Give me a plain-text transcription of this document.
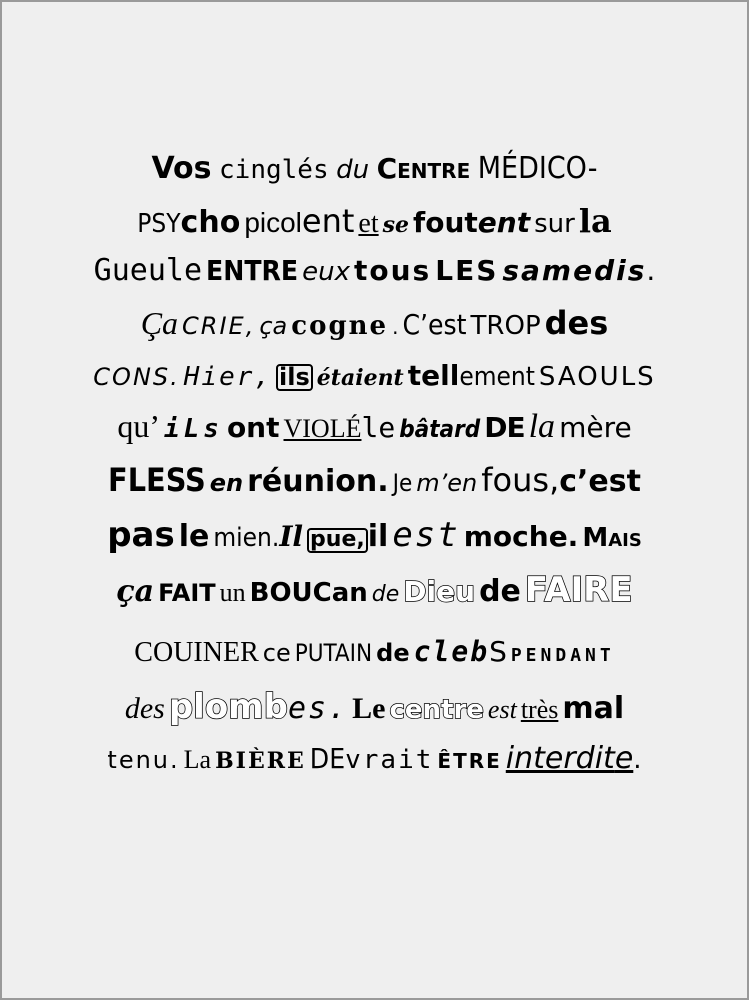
Vos cinglés du Centre MÉDICO-
PSYcho picolent et se foutent sur la
Gueule ENTRE eux tous LES samedis.
Ça CRIE, ça cogne . C’est TROP des
CONS. Hier, ils étaient tellement SAOULS
qu’ iLs ont VIOLÉle bâtard DE la mère
FLESS en réunion. Je m’en fous,c’est
pas le mien.Il pue, il est moche. Mais
ça FAIT un BOUCan de Dieu de FAIRE
COUINER ce PUTAIN de clebS pendant
des plombes. Le centre est très mal
tenu. La BIÈRE DEvrait ÊTRE interdite.
